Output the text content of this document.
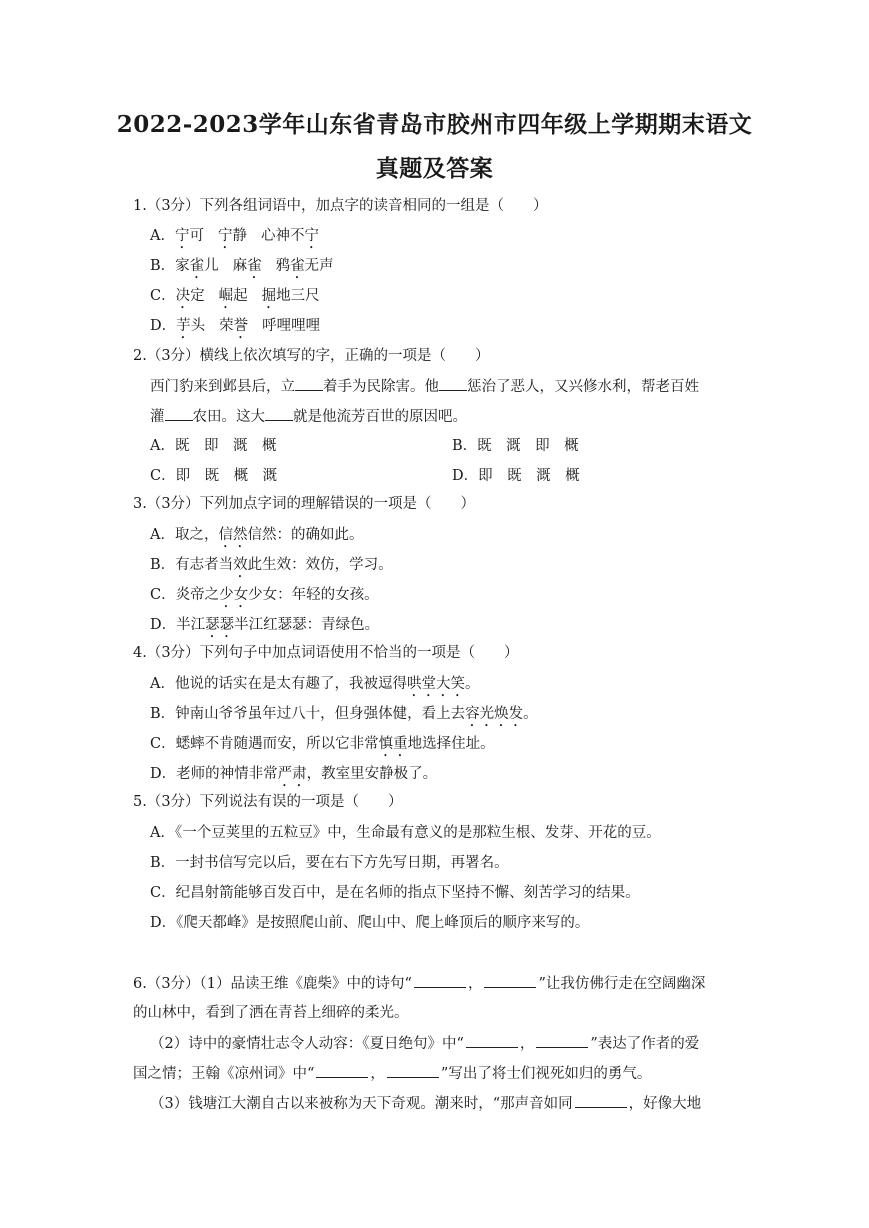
2022-2023学年山东省青岛市胶州市四年级上学期期末语文
真题及答案
1.（3分）下列各组词语中，加点字的读音相同的一组是（　　）
A．宁可 宁静 心神不宁
B．家雀儿 麻雀 鸦雀无声
C．决定 崛起 掘地三尺
D．芋头 荣誉 呼哩哩哩
2.（3分）横线上依次填写的字，正确的一项是（　　）
西门豹来到邺县后，立 着手为民除害。他 惩治了恶人，又兴修水利，帮老百姓
灌 农田。这大 就是他流芳百世的原因吧。
A．既　即　溉　概	B．既　溉　即　概
C．即　既　概　溉	D．即　既　溉　概
3.（3分）下列加点字词的理解错误的一项是（　　）
A．取之，信然信然：的确如此。
B．有志者当效此生效：效仿，学习。
C．炎帝之少女少女：年轻的女孩。
D．半江瑟瑟半江红瑟瑟：青绿色。
4.（3分）下列句子中加点词语使用不恰当的一项是（　　）
A．他说的话实在是太有趣了，我被逗得哄堂大笑。
B．钟南山爷爷虽年过八十，但身强体健，看上去容光焕发。
C．蟋蟀不肯随遇而安，所以它非常慎重地选择住址。
D．老师的神情非常严肃，教室里安静极了。
5.（3分）下列说法有误的一项是（　　）
A．《一个豆荚里的五粒豆》中，生命最有意义的是那粒生根、发芽、开花的豆。
B．一封书信写完以后，要在右下方先写日期，再署名。
C．纪昌射箭能够百发百中，是在名师的指点下坚持不懈、刻苦学习的结果。
D．《爬天都峰》是按照爬山前、爬山中、爬上峰顶后的顺序来写的。
6.（3分）（1）品读王维《鹿柴》中的诗句“	，	”让我仿佛行走在空阔幽深
的山林中，看到了洒在青苔上细碎的柔光。
（2）诗中的豪情壮志令人动容：《夏日绝句》中“	，	”表达了作者的爱
国之情；王翰《凉州词》中“	，	”写出了将士们视死如归的勇气。
（3）钱塘江大潮自古以来被称为天下奇观。潮来时，“那声音如同	，好像大地
